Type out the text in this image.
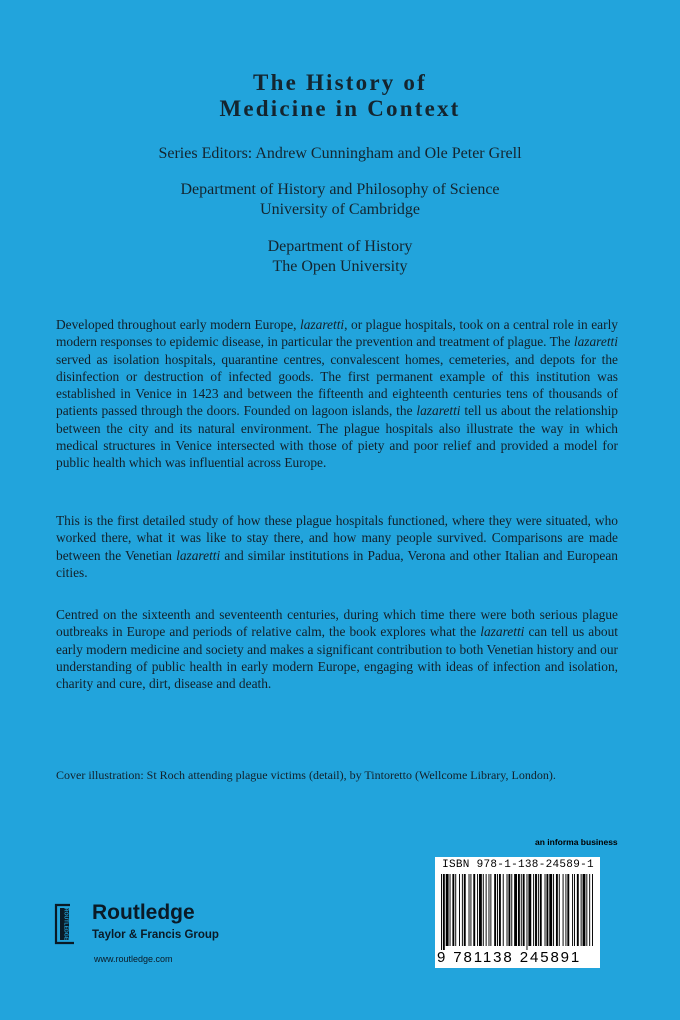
The History of
Medicine in Context
Series Editors: Andrew Cunningham and Ole Peter Grell
Department of History and Philosophy of Science
University of Cambridge
Department of History
The Open University

Developed throughout early modern Europe, lazaretti, or plague hospitals, took on a central role in early modern responses to epidemic disease, in particular the prevention and treatment of plague. The lazaretti served as isolation hospitals, quarantine centres, convalescent homes, cemeteries, and depots for the disinfection or destruction of infected goods. The first permanent example of this institution was established in Venice in 1423 and between the fifteenth and eighteenth centuries tens of thousands of patients passed through the doors. Founded on lagoon islands, the lazaretti tell us about the relationship between the city and its natural environment. The plague hospitals also illustrate the way in which medical structures in Venice intersected with those of piety and poor relief and provided a model for public health which was influential across Europe.

This is the first detailed study of how these plague hospitals functioned, where they were situated, who worked there, what it was like to stay there, and how many people survived. Comparisons are made between the Venetian lazaretti and similar institutions in Padua, Verona and other Italian and European cities.

Centred on the sixteenth and seventeenth centuries, during which time there were both serious plague outbreaks in Europe and periods of relative calm, the book explores what the lazaretti can tell us about early modern medicine and society and makes a significant contribution to both Venetian history and our understanding of public health in early modern Europe, engaging with ideas of infection and isolation, charity and cure, dirt, disease and death.

Cover illustration: St Roch attending plague victims (detail), by Tintoretto (Wellcome Library, London).
an informa business
ISBN 978-1-138-24589-1
9 781138 245891
ROUTLEDGE Routledge
Taylor & Francis Group
www.routledge.com
